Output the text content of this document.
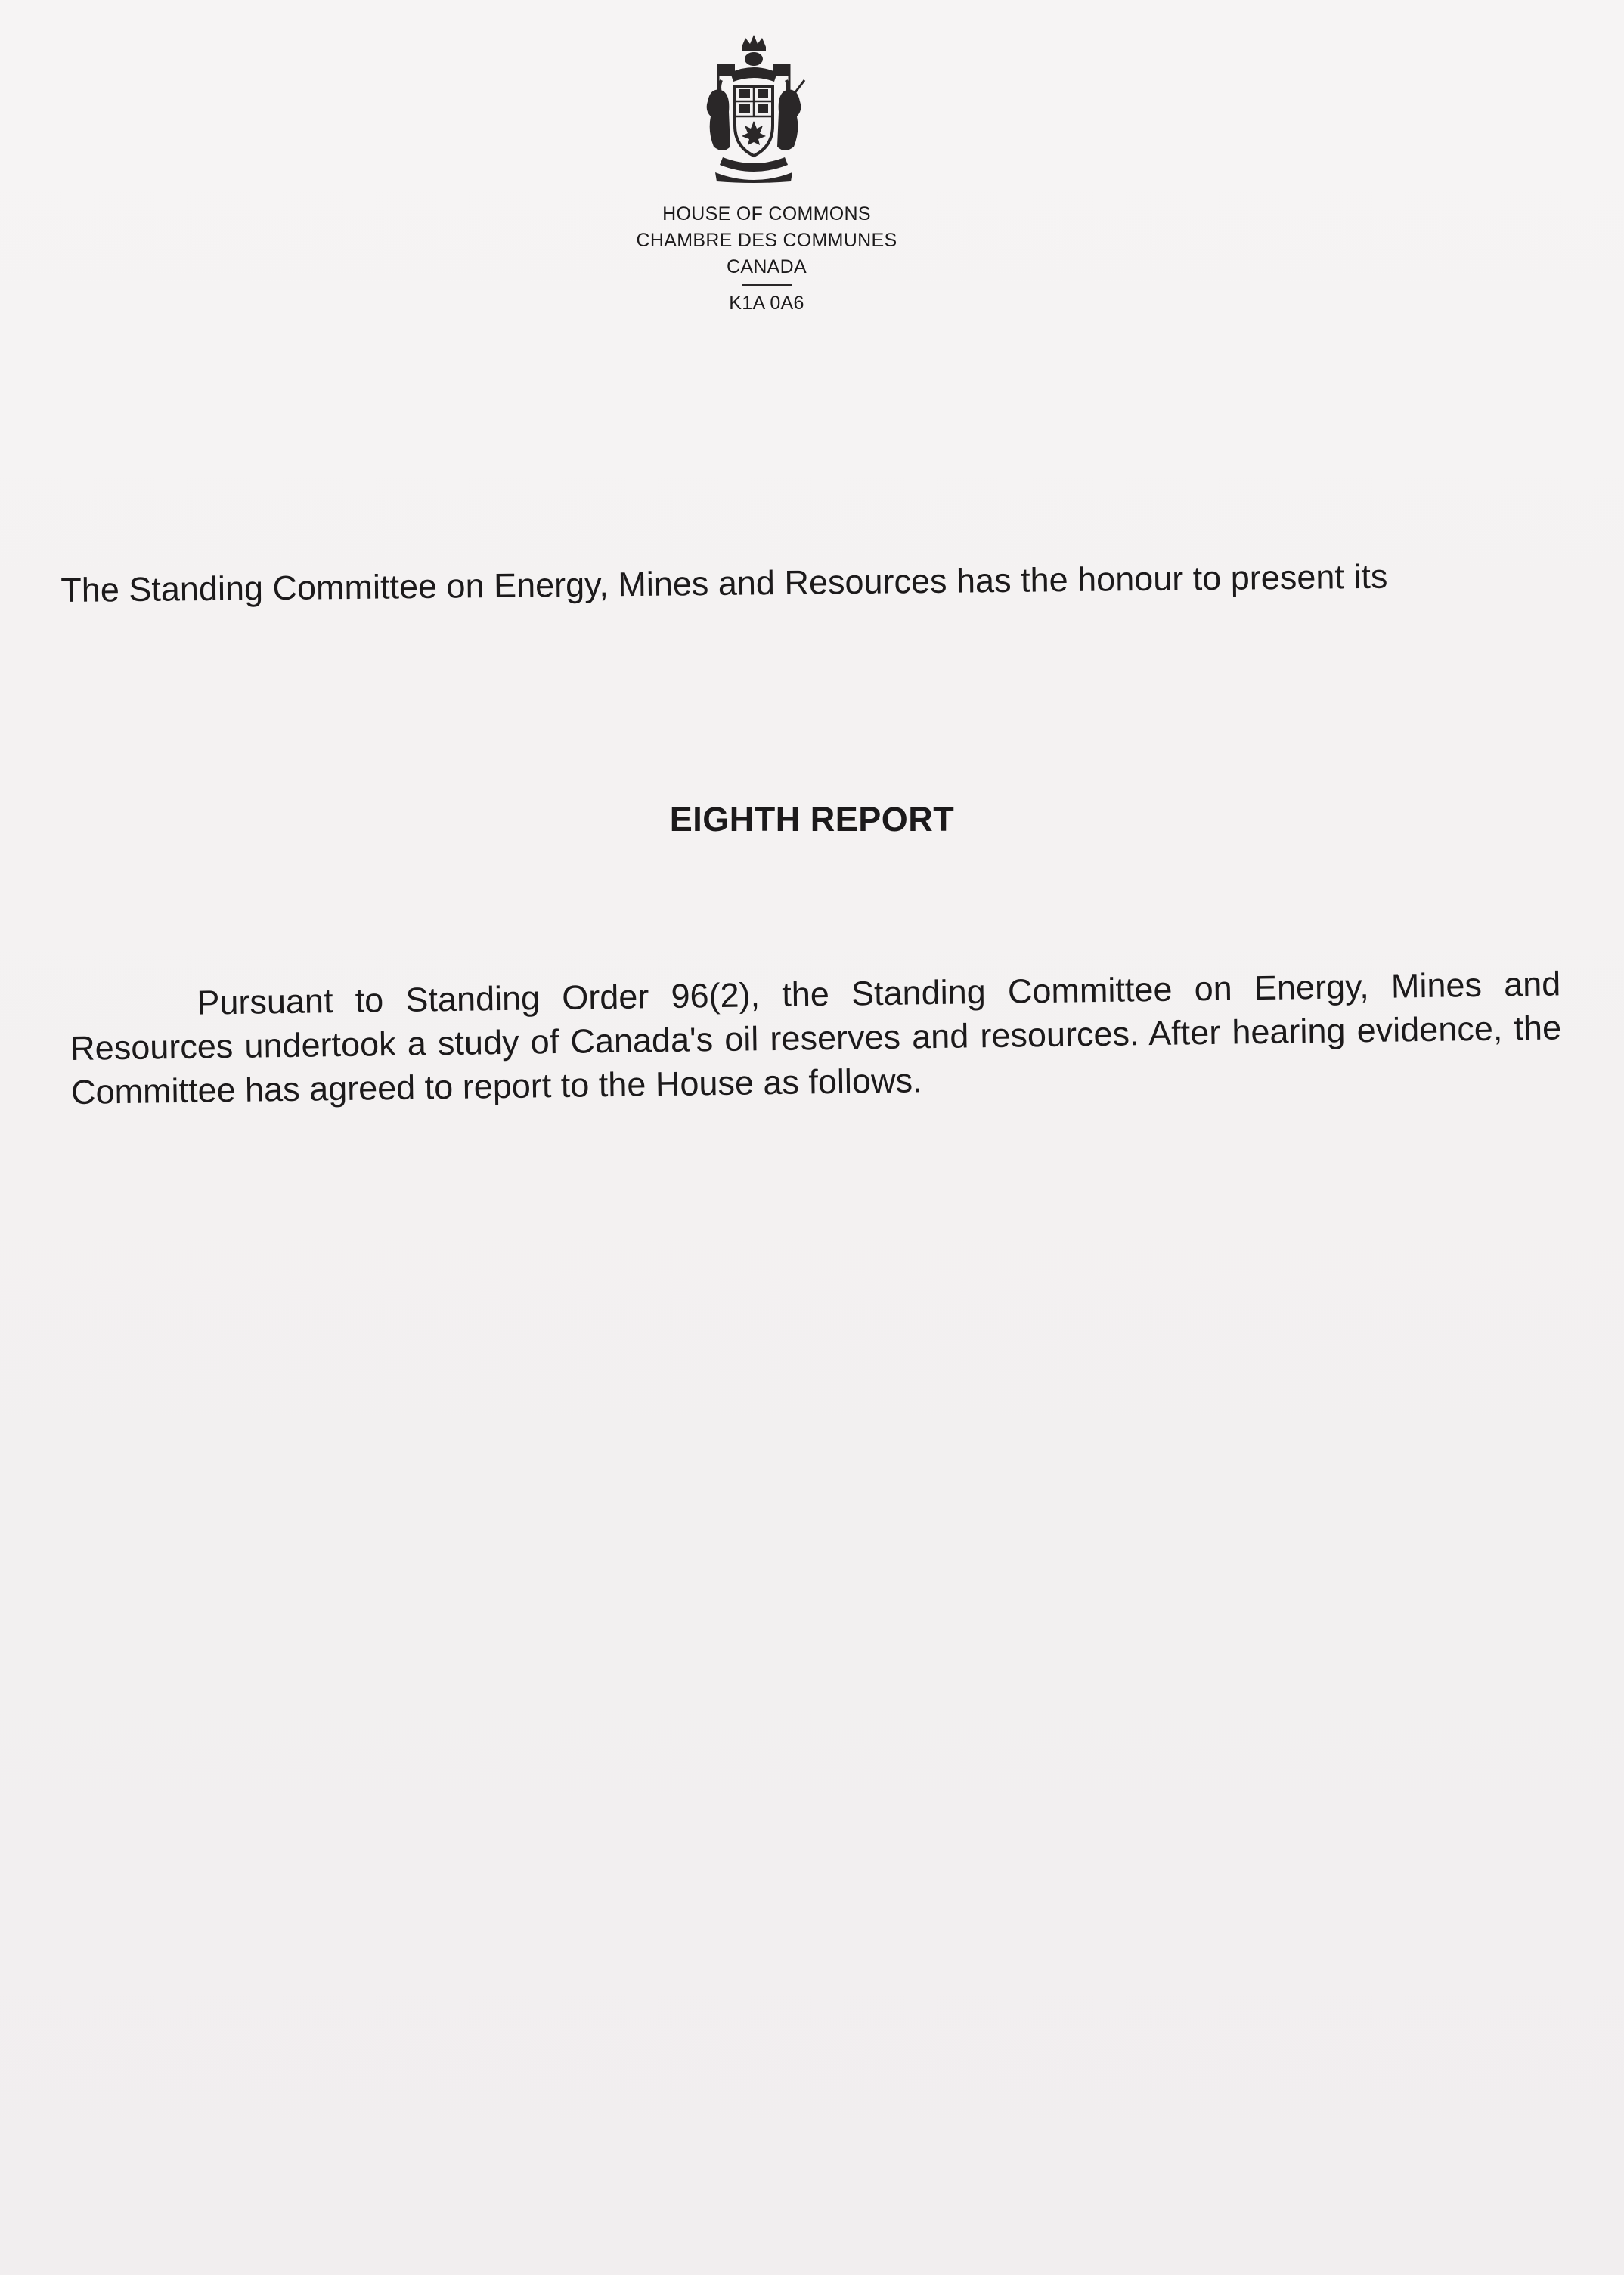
HOUSE OF COMMONS
CHAMBRE DES COMMUNES
CANADA
K1A 0A6
The Standing Committee on Energy, Mines and Resources has the honour to present its
EIGHTH REPORT
Pursuant to Standing Order 96(2), the Standing Committee on Energy, Mines and Resources undertook a study of Canada's oil reserves and resources. After hearing evidence, the Committee has agreed to report to the House as follows.
